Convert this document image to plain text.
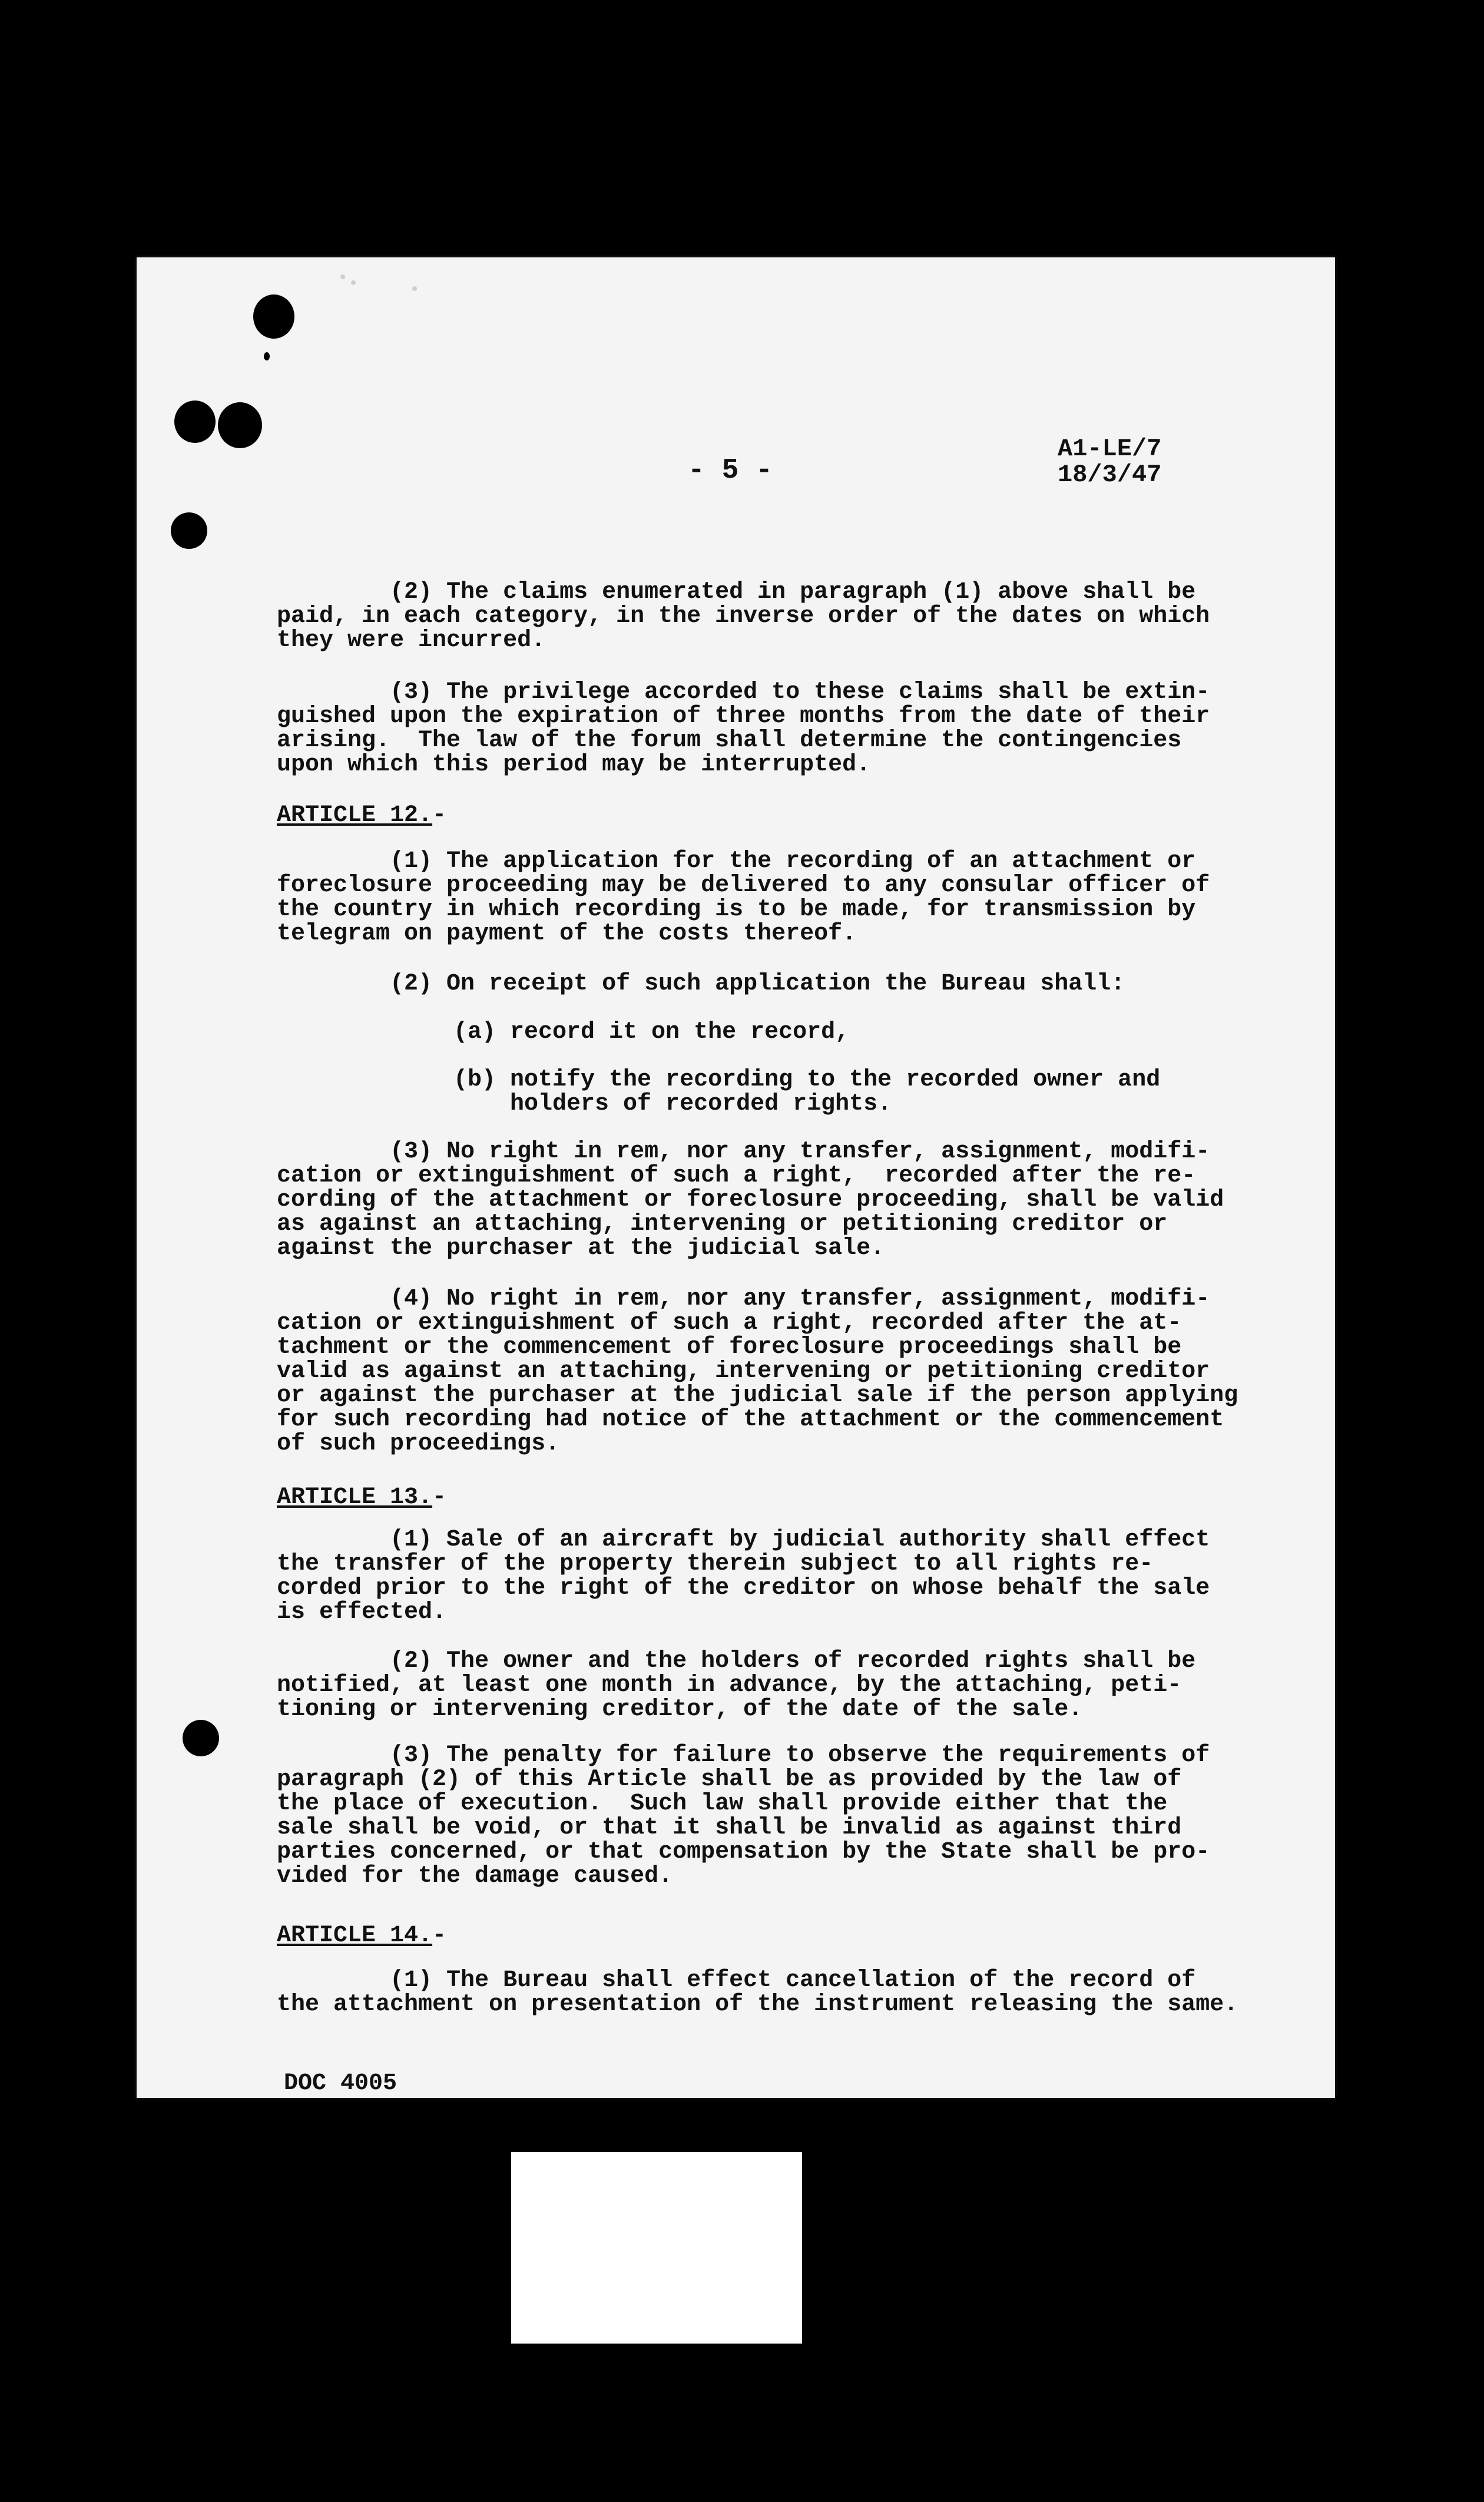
- 5 -
A1-LE/7
18/3/47
(2) The claims enumerated in paragraph (1) above shall be
paid, in each category, in the inverse order of the dates on which
they were incurred.
(3) The privilege accorded to these claims shall be extin-
guished upon the expiration of three months from the date of their
arising.  The law of the forum shall determine the contingencies
upon which this period may be interrupted.
ARTICLE 12.-
(1) The application for the recording of an attachment or
foreclosure proceeding may be delivered to any consular officer of
the country in which recording is to be made, for transmission by
telegram on payment of the costs thereof.
(2) On receipt of such application the Bureau shall:
(a) record it on the record,
(b) notify the recording to the recorded owner and
holders of recorded rights.
(3) No right in rem, nor any transfer, assignment, modifi-
cation or extinguishment of such a right,  recorded after the re-
cording of the attachment or foreclosure proceeding, shall be valid
as against an attaching, intervening or petitioning creditor or
against the purchaser at the judicial sale.
(4) No right in rem, nor any transfer, assignment, modifi-
cation or extinguishment of such a right, recorded after the at-
tachment or the commencement of foreclosure proceedings shall be
valid as against an attaching, intervening or petitioning creditor
or against the purchaser at the judicial sale if the person applying
for such recording had notice of the attachment or the commencement
of such proceedings.
ARTICLE 13.-
(1) Sale of an aircraft by judicial authority shall effect
the transfer of the property therein subject to all rights re-
corded prior to the right of the creditor on whose behalf the sale
is effected.
(2) The owner and the holders of recorded rights shall be
notified, at least one month in advance, by the attaching, peti-
tioning or intervening creditor, of the date of the sale.
(3) The penalty for failure to observe the requirements of
paragraph (2) of this Article shall be as provided by the law of
the place of execution.  Such law shall provide either that the
sale shall be void, or that it shall be invalid as against third
parties concerned, or that compensation by the State shall be pro-
vided for the damage caused.
ARTICLE 14.-
(1) The Bureau shall effect cancellation of the record of
the attachment on presentation of the instrument releasing the same.
DOC 4005
